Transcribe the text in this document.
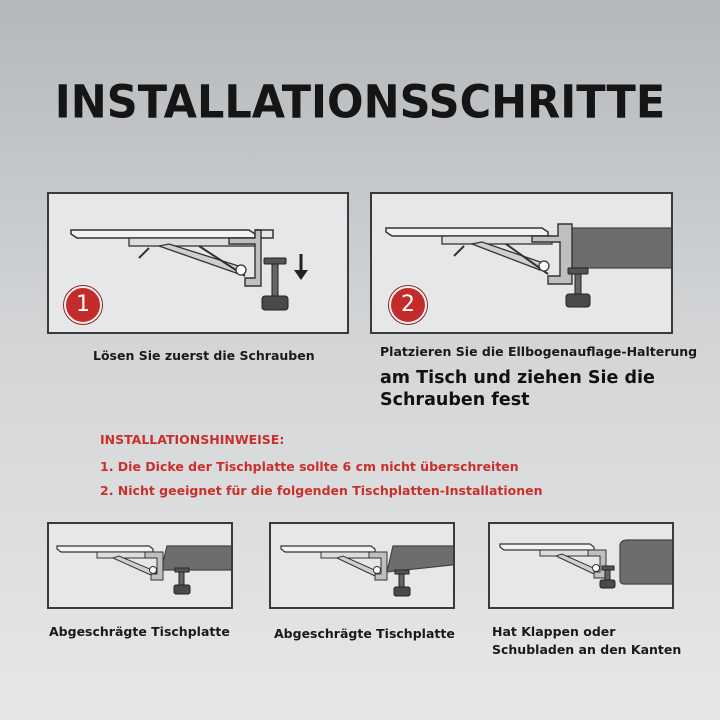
INSTALLATIONSSCHRITTE
1
Lösen Sie zuerst die Schrauben
2
Platzieren Sie die Ellbogenauflage-Halterung
am Tisch und ziehen Sie die
Schrauben fest
INSTALLATIONSHINWEISE:
1. Die Dicke der Tischplatte sollte 6 cm nicht überschreiten
2. Nicht geeignet für die folgenden Tischplatten-Installationen
Abgeschrägte Tischplatte	Abgeschrägte Tischplatte	Hat Klappen oder
Schubladen an den Kanten
